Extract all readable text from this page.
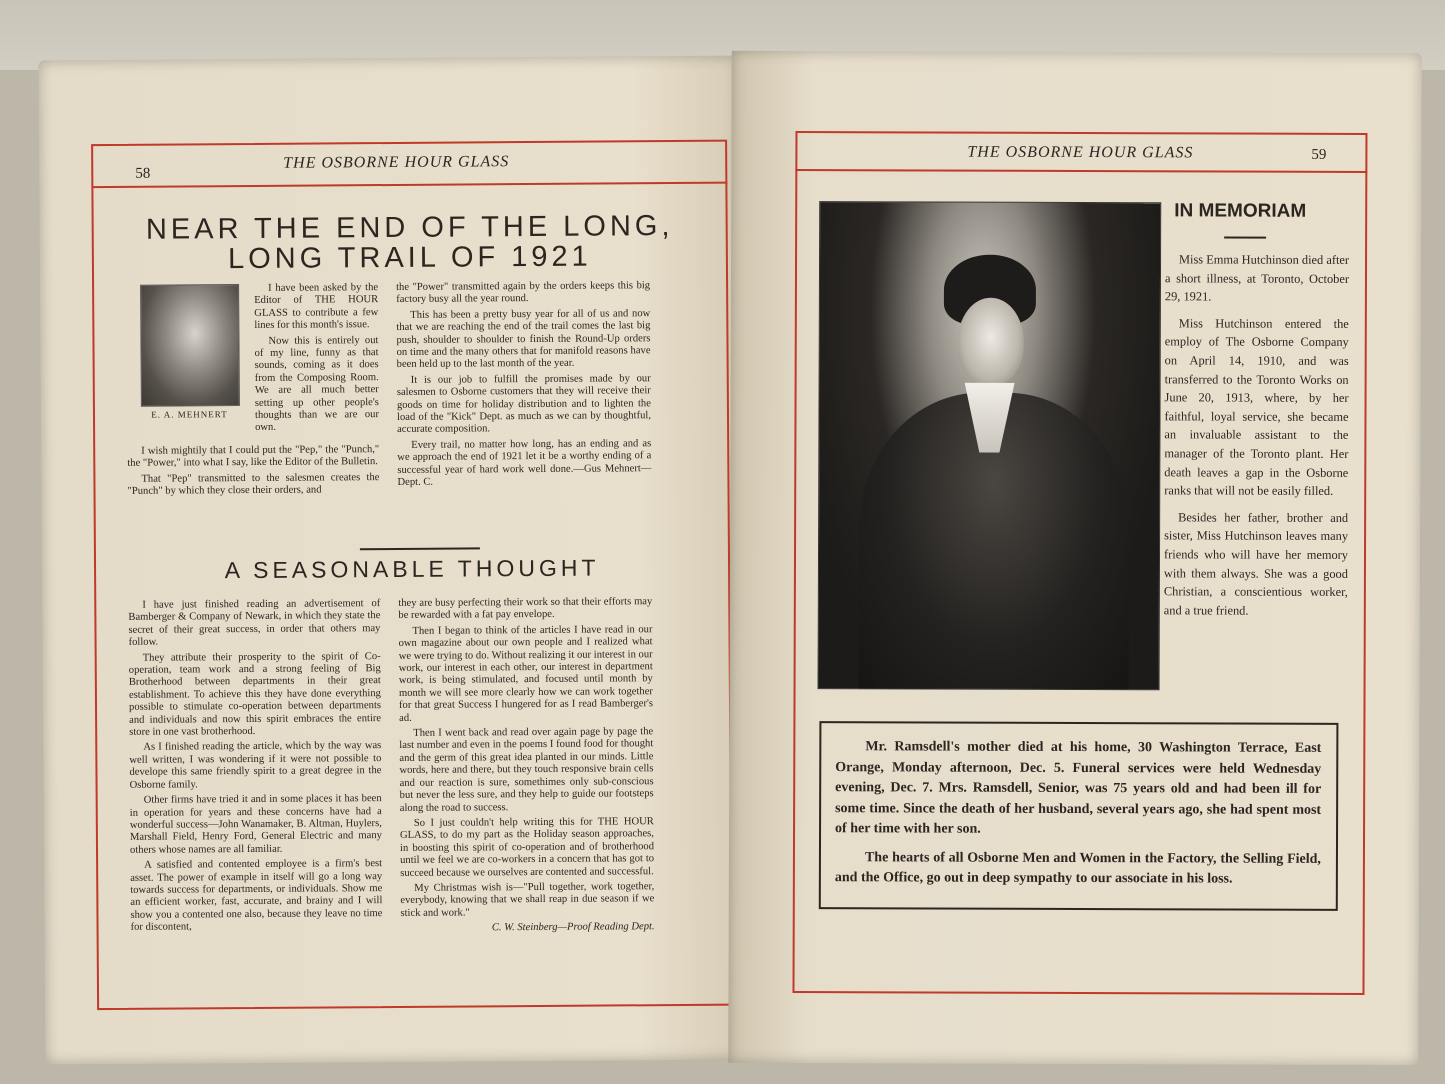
58
THE OSBORNE HOUR GLASS
NEAR THE END OF THE LONG,
LONG TRAIL OF 1921
E. A. MEHNERT

I have been asked by the Editor of THE HOUR GLASS to contribute a few lines for this month's issue.

Now this is entirely out of my line, funny as that sounds, coming as it does from the Composing Room. We are all much better setting up other people's thoughts than we are our own.

I wish mightily that I could put the "Pep," the "Punch," the "Power," into what I say, like the Editor of the Bulletin.

That "Pep" transmitted to the salesmen creates the "Punch" by which they close their orders, and

the "Power" transmitted again by the orders keeps this big factory busy all the year round.

This has been a pretty busy year for all of us and now that we are reaching the end of the trail comes the last big push, shoulder to shoulder to finish the Round-Up orders on time and the many others that for manifold reasons have been held up to the last month of the year.

It is our job to fulfill the promises made by our salesmen to Osborne customers that they will receive their goods on time for holiday distribution and to lighten the load of the "Kick" Dept. as much as we can by thoughtful, accurate composition.

Every trail, no matter how long, has an ending and as we approach the end of 1921 let it be a worthy ending of a successful year of hard work well done.—Gus Mehnert—Dept. C.

A SEASONABLE THOUGHT

I have just finished reading an advertisement of Bamberger & Company of Newark, in which they state the secret of their great success, in order that others may follow.

They attribute their prosperity to the spirit of Co-operation, team work and a strong feeling of Big Brotherhood between departments in their great establishment. To achieve this they have done everything possible to stimulate co-operation between departments and individuals and now this spirit embraces the entire store in one vast brotherhood.

As I finished reading the article, which by the way was well written, I was wondering if it were not possible to develope this same friendly spirit to a great degree in the Osborne family.

Other firms have tried it and in some places it has been in operation for years and these concerns have had a wonderful success—John Wanamaker, B. Altman, Huylers, Marshall Field, Henry Ford, General Electric and many others whose names are all familiar.

A satisfied and contented employee is a firm's best asset. The power of example in itself will go a long way towards success for departments, or individuals. Show me an efficient worker, fast, accurate, and brainy and I will show you a contented one also, because they leave no time for discontent,

they are busy perfecting their work so that their efforts may be rewarded with a fat pay envelope.

Then I began to think of the articles I have read in our own magazine about our own people and I realized what we were trying to do. Without realizing it our interest in our work, our interest in each other, our interest in department work, is being stimulated, and focused until month by month we will see more clearly how we can work together for that great Success I hungered for as I read Bamberger's ad.

Then I went back and read over again page by page the last number and even in the poems I found food for thought and the germ of this great idea planted in our minds. Little words, here and there, but they touch responsive brain cells and our reaction is sure, somethimes only sub-conscious but never the less sure, and they help to guide our footsteps along the road to success.

So I just couldn't help writing this for THE HOUR GLASS, to do my part as the Holiday season approaches, in boosting this spirit of co-operation and of brotherhood until we feel we are co-workers in a concern that has got to succeed because we ourselves are contented and successful.

My Christmas wish is—"Pull together, work together, everybody, knowing that we shall reap in due season if we stick and work."

C. W. Steinberg—Proof Reading Dept.

THE OSBORNE HOUR GLASS	59
IN MEMORIAM

Miss Emma Hutchinson died after a short illness, at Toronto, October 29, 1921.

Miss Hutchinson entered the employ of The Osborne Company on April 14, 1910, and was transferred to the Toronto Works on June 20, 1913, where, by her faithful, loyal service, she became an invaluable assistant to the manager of the Toronto plant. Her death leaves a gap in the Osborne ranks that will not be easily filled.

Besides her father, brother and sister, Miss Hutchinson leaves many friends who will have her memory with them always. She was a good Christian, a conscientious worker, and a true friend.

Mr. Ramsdell's mother died at his home, 30 Washington Terrace, East Orange, Monday afternoon, Dec. 5. Funeral services were held Wednesday evening, Dec. 7. Mrs. Ramsdell, Senior, was 75 years old and had been ill for some time. Since the death of her husband, several years ago, she had spent most of her time with her son.

The hearts of all Osborne Men and Women in the Factory, the Selling Field, and the Office, go out in deep sympathy to our associate in his loss.
